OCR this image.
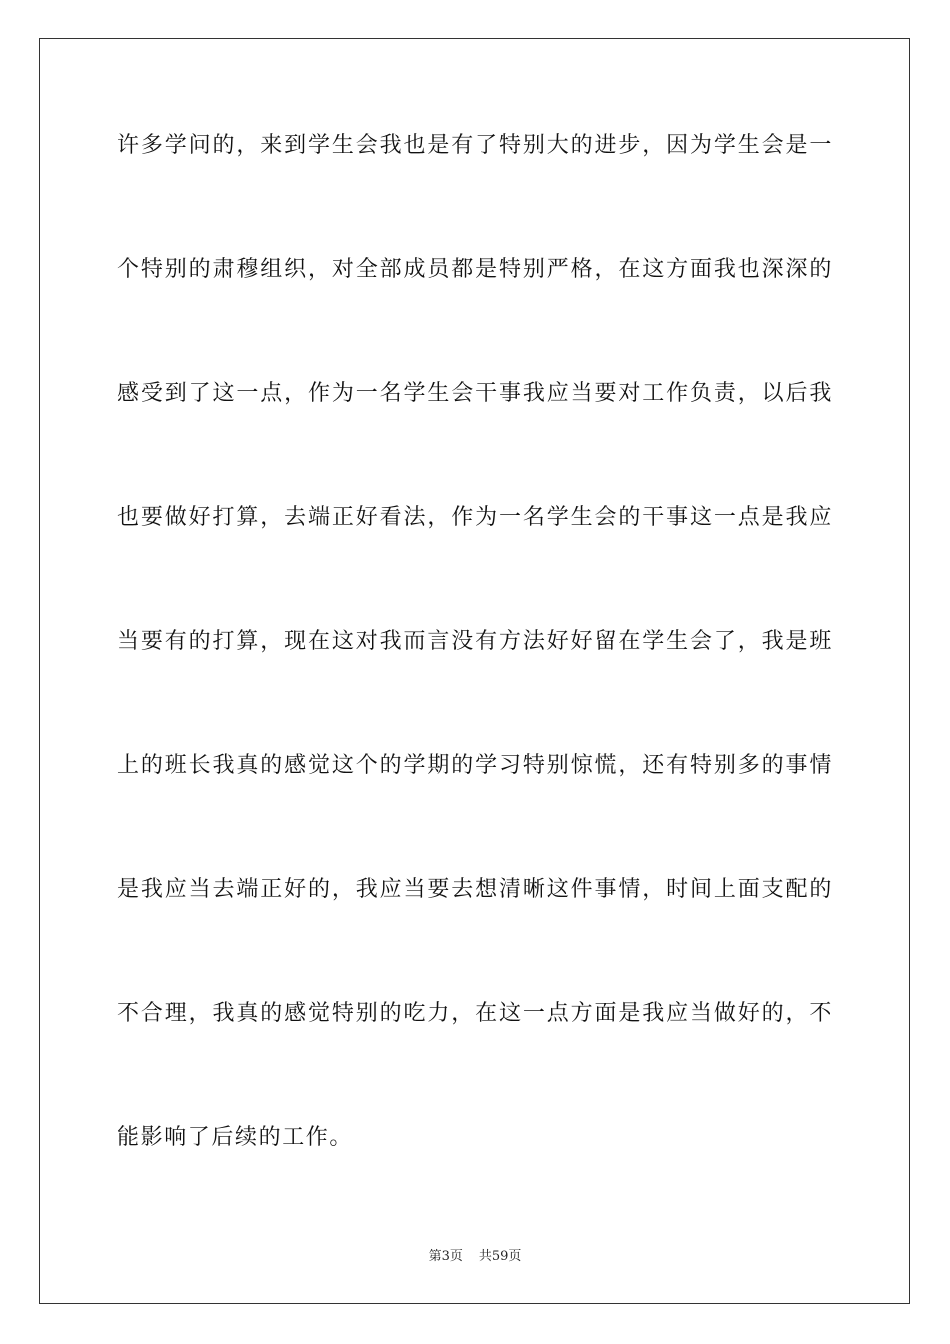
许多学问的，来到学生会我也是有了特别大的进步，因为学生会是一
个特别的肃穆组织，对全部成员都是特别严格，在这方面我也深深的
感受到了这一点，作为一名学生会干事我应当要对工作负责，以后我
也要做好打算，去端正好看法，作为一名学生会的干事这一点是我应
当要有的打算，现在这对我而言没有方法好好留在学生会了，我是班
上的班长我真的感觉这个的学期的学习特别惊慌，还有特别多的事情
是我应当去端正好的，我应当要去想清晰这件事情，时间上面支配的
不合理，我真的感觉特别的吃力，在这一点方面是我应当做好的，不
能影响了后续的工作。
第3页 共59页
